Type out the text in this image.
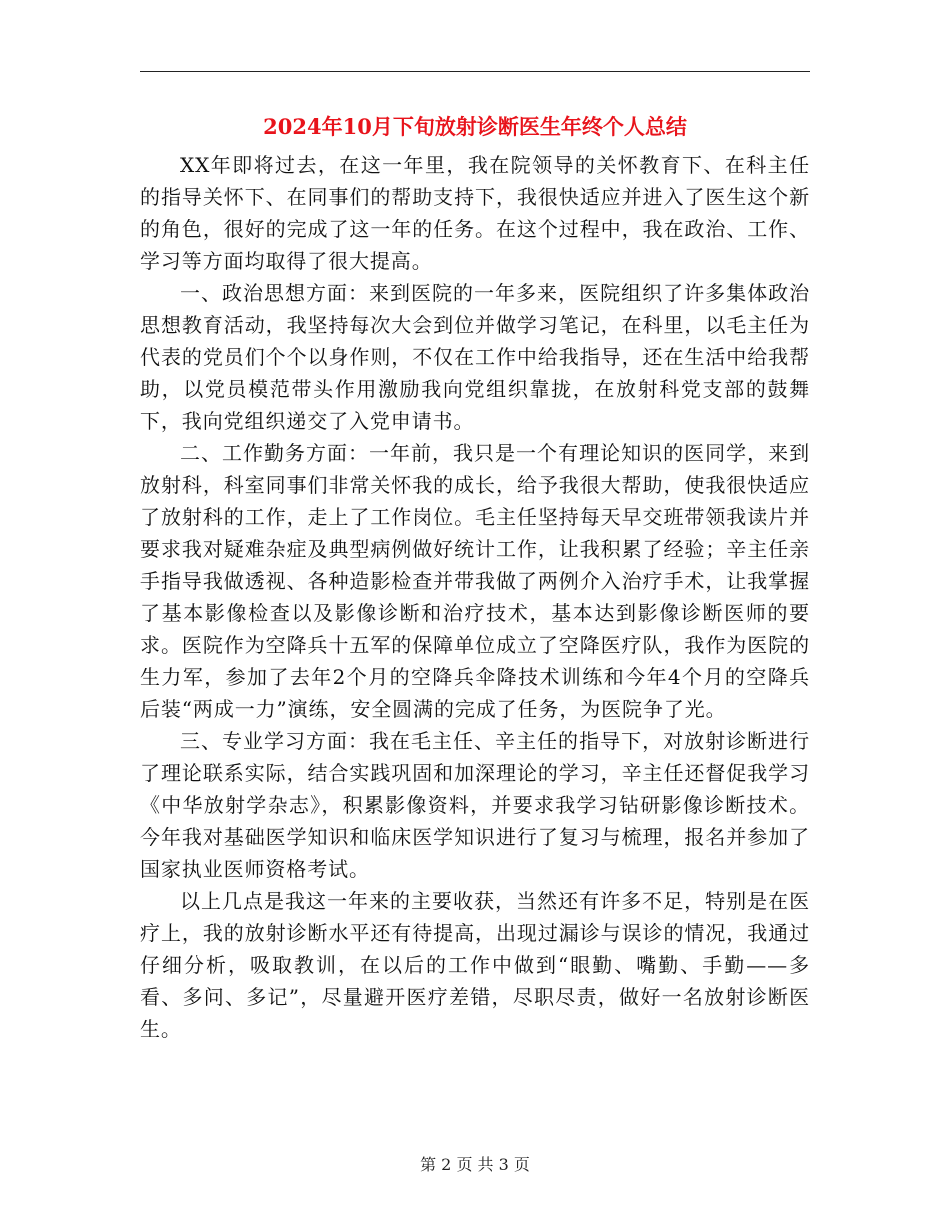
2024年10月下旬放射诊断医生年终个人总结

XX年即将过去，在这一年里，我在院领导的关怀教育下、在科主任的指导关怀下、在同事们的帮助支持下，我很快适应并进入了医生这个新的角色，很好的完成了这一年的任务。在这个过程中，我在政治、工作、学习等方面均取得了很大提高。

一、政治思想方面：来到医院的一年多来，医院组织了许多集体政治思想教育活动，我坚持每次大会到位并做学习笔记，在科里，以毛主任为代表的党员们个个以身作则，不仅在工作中给我指导，还在生活中给我帮助，以党员模范带头作用激励我向党组织靠拢，在放射科党支部的鼓舞下，我向党组织递交了入党申请书。

二、工作勤务方面：一年前，我只是一个有理论知识的医同学，来到放射科，科室同事们非常关怀我的成长，给予我很大帮助，使我很快适应了放射科的工作，走上了工作岗位。毛主任坚持每天早交班带领我读片并要求我对疑难杂症及典型病例做好统计工作，让我积累了经验；辛主任亲手指导我做透视、各种造影检查并带我做了两例介入治疗手术，让我掌握了基本影像检查以及影像诊断和治疗技术，基本达到影像诊断医师的要求。医院作为空降兵十五军的保障单位成立了空降医疗队，我作为医院的生力军，参加了去年2个月的空降兵伞降技术训练和今年4个月的空降兵后装“两成一力”演练，安全圆满的完成了任务，为医院争了光。

三、专业学习方面：我在毛主任、辛主任的指导下，对放射诊断进行了理论联系实际，结合实践巩固和加深理论的学习，辛主任还督促我学习《中华放射学杂志》，积累影像资料，并要求我学习钻研影像诊断技术。今年我对基础医学知识和临床医学知识进行了复习与梳理，报名并参加了国家执业医师资格考试。

以上几点是我这一年来的主要收获，当然还有许多不足，特别是在医疗上，我的放射诊断水平还有待提高，出现过漏诊与误诊的情况，我通过仔细分析，吸取教训，在以后的工作中做到“眼勤、嘴勤、手勤——多看、多问、多记”，尽量避开医疗差错，尽职尽责，做好一名放射诊断医生。

第 2 页 共 3 页
